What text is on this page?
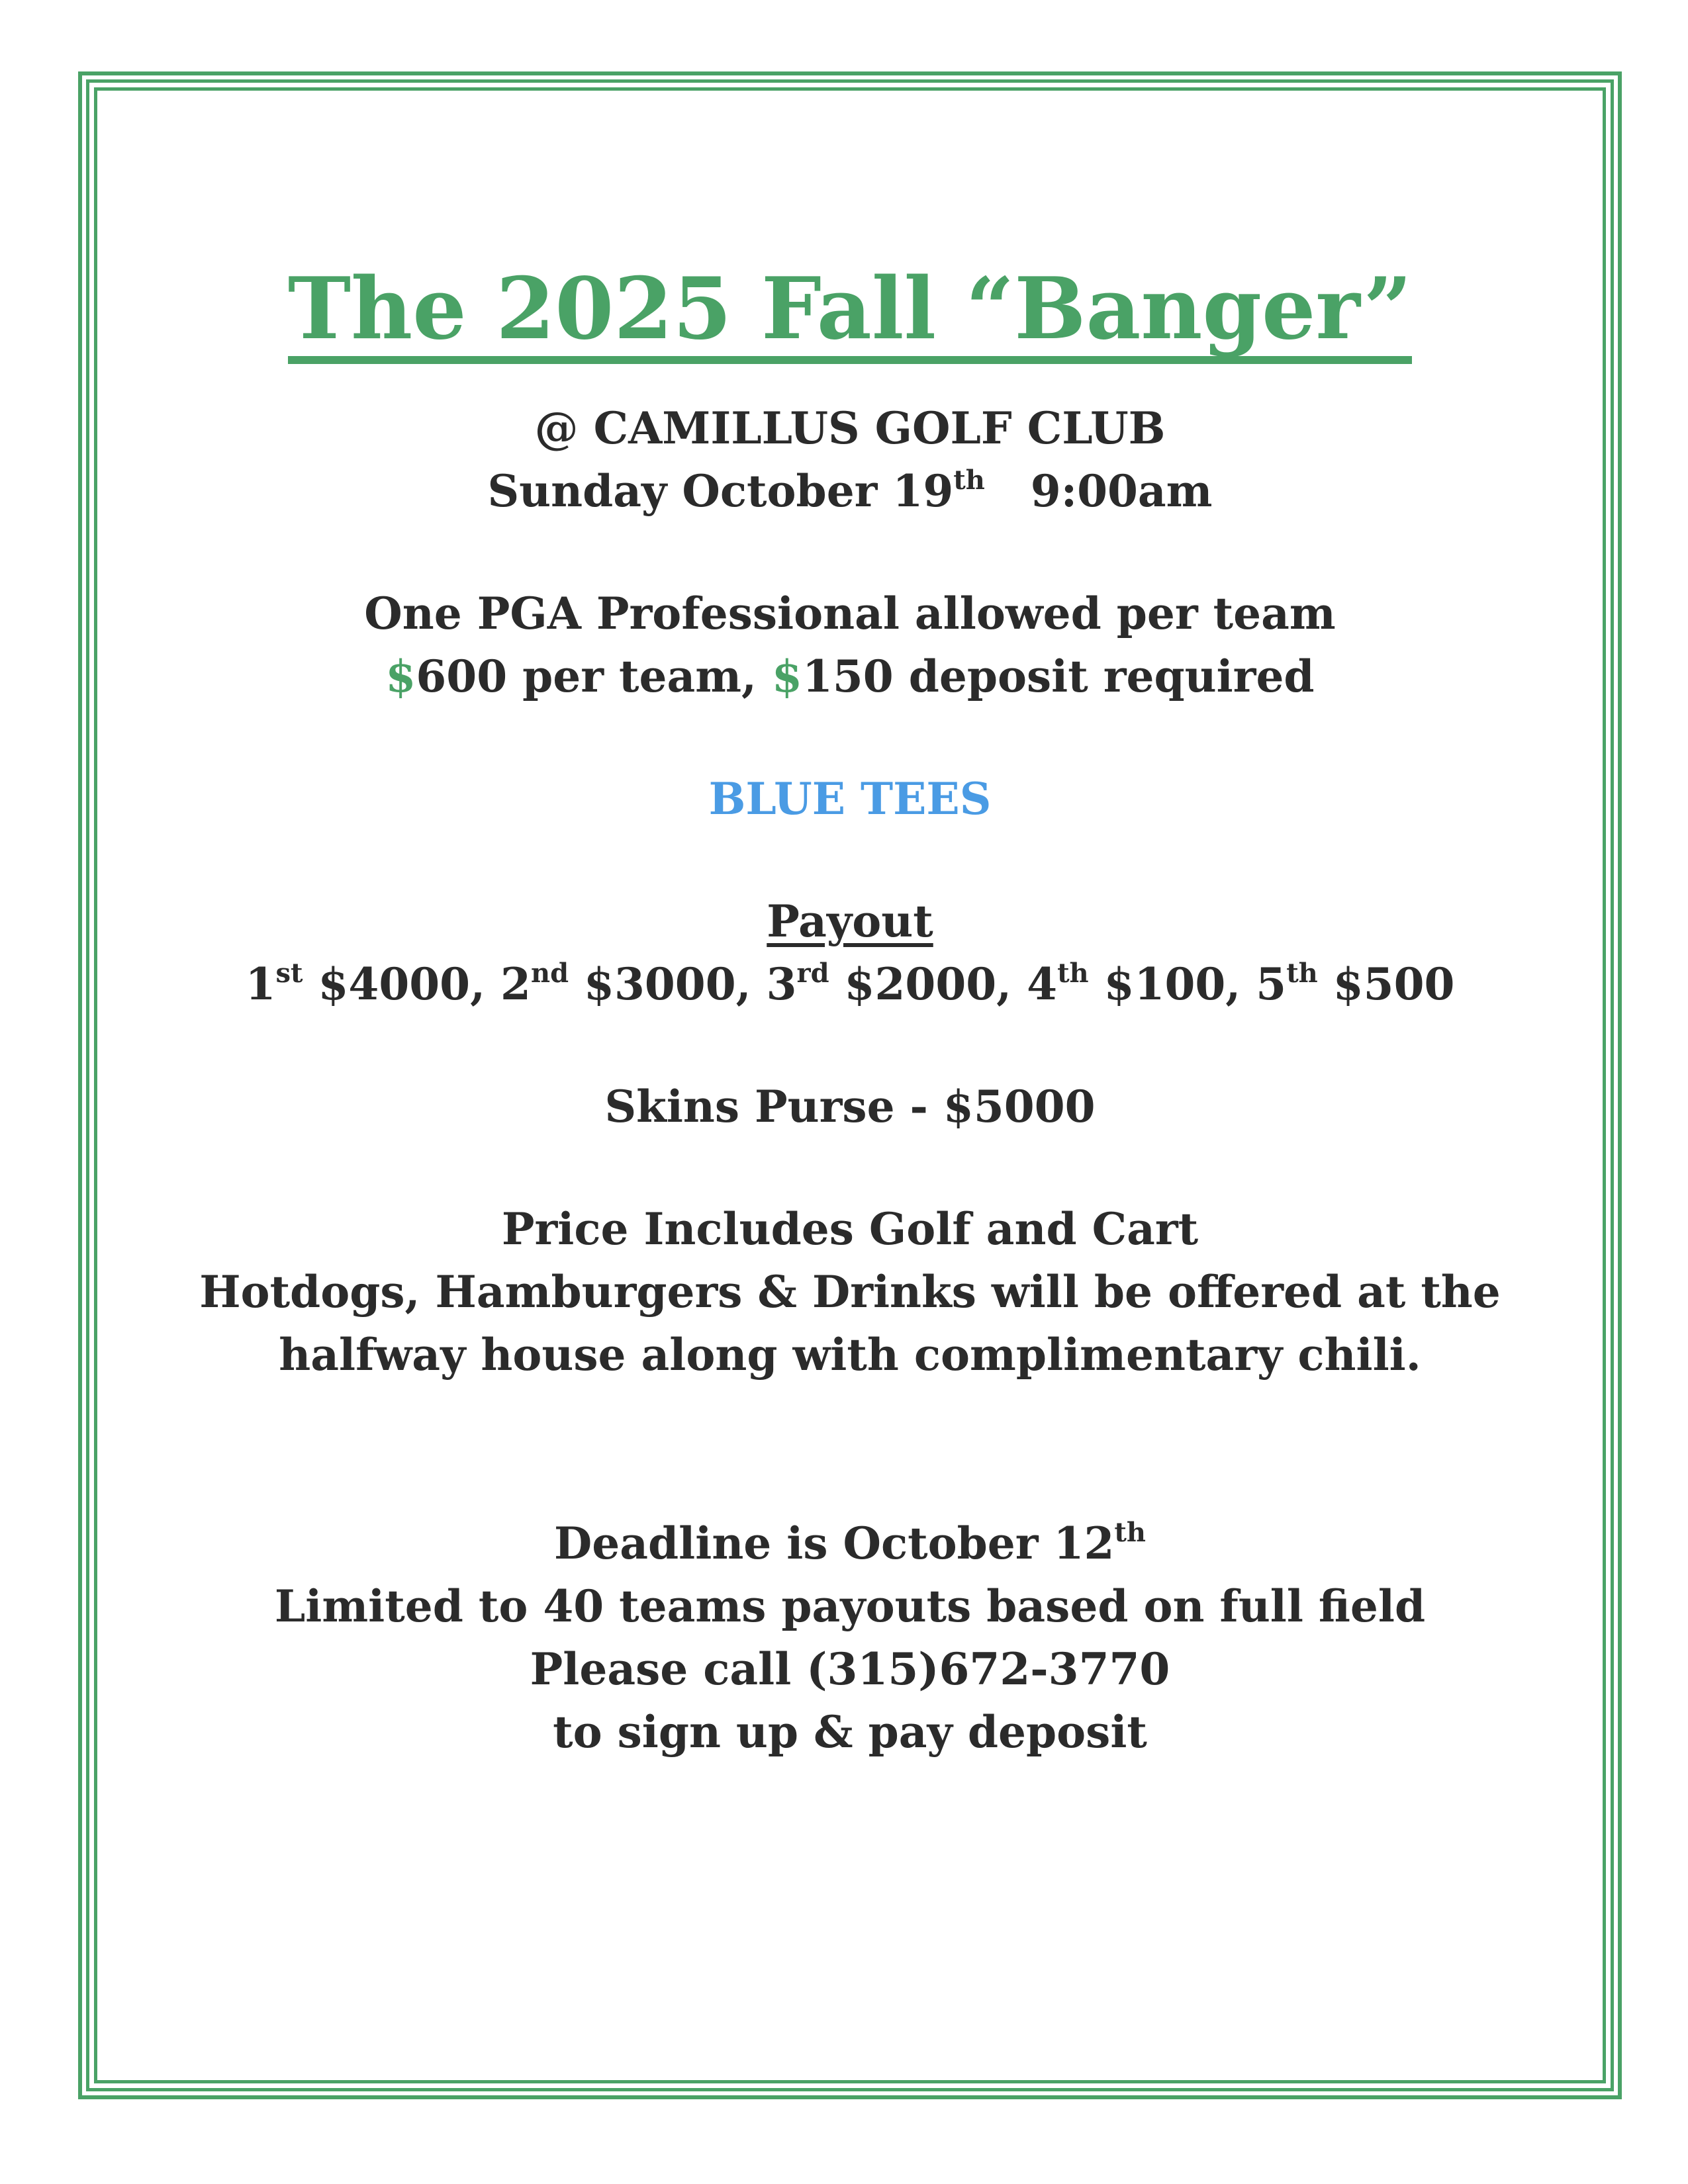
The 2025 Fall “Banger”

@ CAMILLUS GOLF CLUB

Sunday October 19th 9:00am

One PGA Professional allowed per team

$600 per team, $150 deposit required

BLUE TEES

Payout

1st $4000, 2nd $3000, 3rd $2000, 4th $100, 5th $500

Skins Purse - $5000

Price Includes Golf and Cart

Hotdogs, Hamburgers & Drinks will be offered at the

halfway house along with complimentary chili.

Deadline is October 12th

Limited to 40 teams payouts based on full field

Please call (315)672-3770

to sign up & pay deposit
